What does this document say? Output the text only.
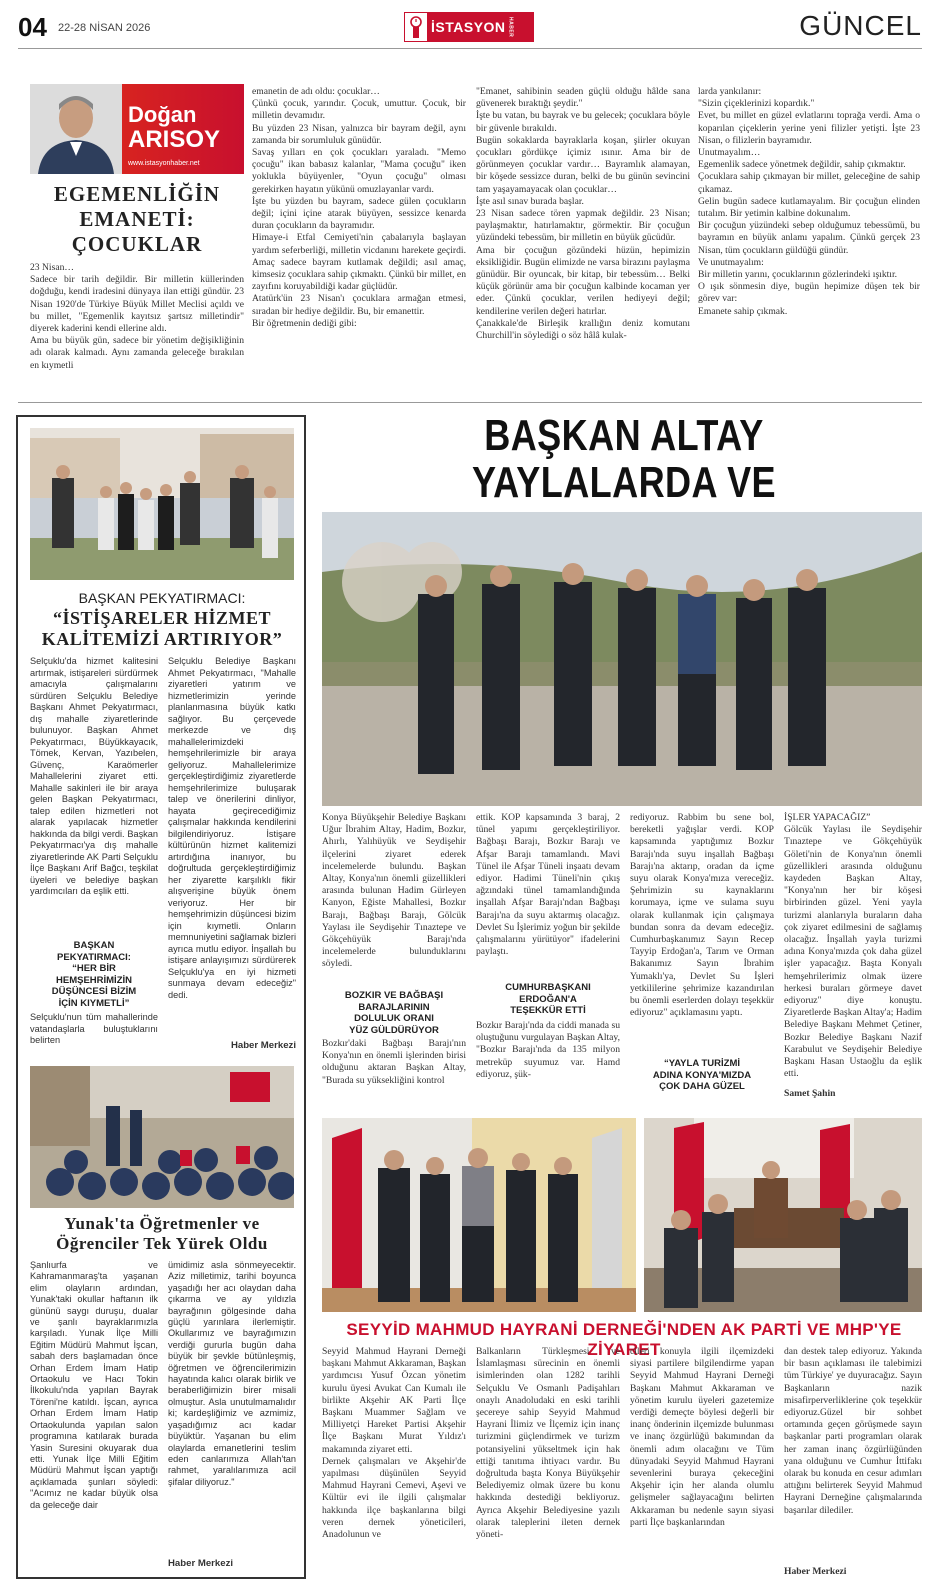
04 22-28 NİSAN 2026	İSTASYON HABER	GÜNCEL
Doğan
ARISOY
www.istasyonhaber.net
EGEMENLİĞİN
EMANETİ:
ÇOCUKLAR
23 Nisan…
Sadece bir tarih değildir. Bir milletin küllerinden doğduğu, kendi iradesini dünyaya ilan ettiği gündür. 23 Nisan 1920'de Türkiye Büyük Millet Meclisi açıldı ve bu millet, "Egemenlik kayıtsız şartsız milletindir" diyerek kaderini kendi ellerine aldı.
Ama bu büyük gün, sadece bir yönetim değişikliğinin adı olarak kalmadı. Aynı zamanda geleceğe bırakılan en kıymetli
emanetin de adı oldu: çocuklar…
Çünkü çocuk, yarındır. Çocuk, umuttur. Çocuk, bir milletin devamıdır.
Bu yüzden 23 Nisan, yalnızca bir bayram değil, aynı zamanda bir sorumluluk günüdür.
Savaş yılları en çok çocukları yaraladı. "Memo çocuğu" ikan babasız kalanlar, "Mama çocuğu" iken yoklukla büyüyenler, "Oyun çocuğu" olması gerekirken hayatın yükünü omuzlayanlar vardı.
İşte bu yüzden bu bayram, sadece gülen çocukların değil; içini içine atarak büyüyen, sessizce kenarda duran çocukların da bayramıdır.
Himaye-i Etfal Cemiyeti'nin çabalarıyla başlayan yardım seferberliği, milletin vicdanını harekete geçirdi. Amaç sadece bayram kutlamak değildi; asıl amaç, kimsesiz çocuklara sahip çıkmaktı. Çünkü bir millet, en zayıfını koruyabildiği kadar güçlüdür.
Atatürk'ün 23 Nisan'ı çocuklara armağan etmesi, sıradan bir hediye değildir. Bu, bir emanettir.
Bir öğretmenin dediği gibi:
"Emanet, sahibinin seaden güçlü olduğu hâlde sana güvenerek bıraktığı şeydir."
İşte bu vatan, bu bayrak ve bu gelecek; çocuklara böyle bir güvenle bırakıldı.
Bugün sokaklarda bayraklarla koşan, şiirler okuyan çocukları gördükçe içimiz ısınır. Ama bir de görünmeyen çocuklar vardır… Bayramlık alamayan, bir köşede sessizce duran, belki de bu günün sevincini tam yaşayamayacak olan çocuklar…
İşte asıl sınav burada başlar.
23 Nisan sadece tören yapmak değildir. 23 Nisan; paylaşmaktır, hatırlamaktır, görmektir. Bir çocuğun yüzündeki tebessüm, bir milletin en büyük gücüdür.
Ama bir çocuğun gözündeki hüzün, hepimizin eksikliğidir. Bugün elimizde ne varsa birazını paylaşma günüdür. Bir oyuncak, bir kitap, bir tebessüm… Belki küçük görünür ama bir çocuğun kalbinde kocaman yer eder. Çünkü çocuklar, verilen hediyeyi değil; kendilerine verilen değeri hatırlar.
Çanakkale'de Birleşik krallığın deniz komutanı Churchill'in söylediği o söz hâlâ kulak-
larda yankılanır:
"Sizin çiçeklerinizi kopardık."
Evet, bu millet en güzel evlatlarını toprağa verdi. Ama o koparılan çiçeklerin yerine yeni filizler yetişti. İşte 23 Nisan, o filizlerin bayramıdır.
Unutmayalım…
Egemenlik sadece yönetmek değildir, sahip çıkmaktır.
Çocuklara sahip çıkmayan bir millet, geleceğine de sahip çıkamaz.
Gelin bugün sadece kutlamayalım. Bir çocuğun elinden tutalım. Bir yetimin kalbine dokunalım.
Bir çocuğun yüzündeki sebep olduğumuz tebessümü, bu bayramın en büyük anlamı yapalım. Çünkü gerçek 23 Nisan, tüm çocukların güldüğü gündür.
Ve unutmayalım:
Bir milletin yarını, çocuklarının gözlerindeki ışıktır.
O ışık sönmesin diye, bugün hepimize düşen tek bir görev var:
Emanete sahip çıkmak.
BAŞKAN PEKYATIRMACI:
“İSTİŞARELER HİZMET
KALİTEMİZİ ARTIRIYOR”
Selçuklu'da hizmet kalitesini artırmak, istişareleri sürdürmek amacıyla çalışmalarını sürdüren Selçuklu Belediye Başkanı Ahmet Pekyatırmacı, dış mahalle ziyaretlerinde bulunuyor. Başkan Ahmet Pekyatırmacı, Büyükkayacık, Tömek, Kervan, Yazıbelen, Güvenç, Karaömerler Mahallelerini ziyaret etti. Mahalle sakinleri ile bir araya gelen Başkan Pekyatırmacı, talep edilen hizmetleri not alarak yapılacak hizmetler hakkında da bilgi verdi. Başkan Pekyatırmacı'ya dış mahalle ziyaretlerinde AK Parti Selçuklu İlçe Başkanı Arif Bağcı, teşkilat üyeleri ve belediye başkan yardımcıları da eşlik etti.
BAŞKAN
PEKYATIRMACI:
“HER BİR
HEMŞEHRİMİZİN
DÜŞÜNCESİ BİZİM
İÇİN KIYMETLİ”
Selçuklu'nun tüm mahallerinde vatandaşlarla buluştuklarını belirten
Selçuklu Belediye Başkanı Ahmet Pekyatırmacı, "Mahalle ziyaretleri yatırım ve hizmetlerimizin yerinde planlanmasına büyük katkı sağlıyor. Bu çerçevede merkezde ve dış mahallelerimizdeki hemşehrilerimizle bir araya geliyoruz. Mahallelerimize gerçekleştirdiğimiz ziyaretlerde hemşehrilerimize buluşarak talep ve önerilerini dinliyor, hayata geçirecediğimiz çalışmalar hakkında kendilerini bilgilendiriyoruz. İstişare kültürünün hizmet kalitemizi artırdığına inanıyor, bu doğrultuda gerçekleştirdiğimiz her ziyarette karşılıklı fikir alışverişine büyük önem veriyoruz. Her bir hemşehrimizin düşüncesi bizim için kıymetli. Onların memnuniyetini sağlamak bizleri ayrıca mutlu ediyor. İnşallah bu istişare anlayışımızı sürdürerek Selçuklu'ya en iyi hizmeti sunmaya devam edeceğiz" dedi.
Haber Merkezi
Yunak'ta Öğretmenler ve
Öğrenciler Tek Yürek Oldu
Şanlıurfa ve Kahramanmaraş'ta yaşanan elim olayların ardından, Yunak'taki okullar haftanın ilk gününü saygı duruşu, dualar ve şanlı bayraklarımızla karşıladı. Yunak İlçe Milli Eğitim Müdürü Mahmut İşcan, sabah ders başlamadan önce Orhan Erdem İmam Hatip Ortaokulu ve Hacı Tokin İlkokulu'nda yapılan Bayrak Töreni'ne katıldı. İşcan, ayrıca Orhan Erdem İmam Hatip Ortaokulunda yapılan salon programına katılarak burada Yasin Suresini okuyarak dua etti. Yunak İlçe Milli Eğitim Müdürü Mahmut İşcan yaptığı açıklamada şunları söyledi: "Acımız ne kadar büyük olsa da geleceğe dair
ümidimiz asla sönmeyecektir. Aziz milletimiz, tarihi boyunca yaşadığı her acı olaydan daha çıkarma ve ay yıldızla bayrağının gölgesinde daha güçlü yarınlara ilerlemiştir. Okullarımız ve bayrağımızın verdiği gururla bugün daha büyük bir şevkle bütünleşmiş, öğretmen ve öğrencilerimizin hayatında kalıcı olarak birlik ve beraberliğimizin birer misali olmuştur. Asla unutulmamalıdır ki; kardeşliğimiz ve azmimiz, yaşadığımız acı kadar büyüktür. Yaşanan bu elim olaylarda emanetlerini teslim eden canlarımıza Allah'tan rahmet, yaralılarımıza acil şifalar diliyoruz."
Haber Merkezi
BAŞKAN ALTAY YAYLALARDA VE
Konya Büyükşehir Belediye Başkanı Uğur İbrahim Altay, Hadim, Bozkır, Ahırlı, Yalıhüyük ve Seydişehir ilçelerini ziyaret ederek incelemelerde bulundu. Başkan Altay, Konya'nın önemli güzellikleri arasında bulunan Hadim Gürleyen Kanyon, Eğiste Mahallesi, Bozkır Barajı, Bağbaşı Barajı, Gölcük Yaylası ile Seydişehir Tınaztepe ve Gökçehüyük Barajı'nda incelemelerde bulunduklarını söyledi.
BOZKIR VE BAĞBAŞI
BARAJLARININ
DOLULUK ORANI
YÜZ GÜLDÜRÜYOR
Bozkır'daki Bağbaşı Barajı'nın Konya'nın en önemli işlerinden birisi olduğunu aktaran Başkan Altay, "Burada su yüksekliğini kontrol
ettik. KOP kapsamında 3 baraj, 2 tünel yapımı gerçekleştiriliyor. Bağbaşı Barajı, Bozkır Barajı ve Afşar Barajı tamamlandı. Mavi Tünel ile Afşar Tüneli inşaatı devam ediyor. Hadimi Tüneli'nin çıkış ağzındaki tünel tamamlandığında inşallah Afşar Barajı'ndan Bağbaşı Barajı'na da suyu aktarmış olacağız. Devlet Su İşlerimiz yoğun bir şekilde çalışmalarını yürütüyor" ifadelerini paylaştı.
CUMHURBAŞKANI
ERDOĞAN'A
TEŞEKKÜR ETTİ
Bozkır Barajı'nda da ciddi manada su oluştuğunu vurgulayan Başkan Altay, "Bozkır Barajı'nda da 135 milyon metreküp suyumuz var. Hamd ediyoruz, şük-
rediyoruz. Rabbim bu sene bol, bereketli yağışlar verdi. KOP kapsamında yaptığımız Bozkır Barajı'nda suyu inşallah Bağbaşı Barajı'na aktarıp, oradan da içme suyu olarak Konya'mıza vereceğiz. Şehrimizin su kaynaklarını korumaya, içme ve sulama suyu olarak kullanmak için çalışmaya bundan sonra da devam edeceğiz. Cumhurbaşkanımız Sayın Recep Tayyip Erdoğan'a, Tarım ve Orman Bakanımız Sayın İbrahim Yumaklı'ya, Devlet Su İşleri yetkililerine şehrimize kazandırılan bu önemli eserlerden dolayı teşekkür ediyoruz" açıklamasını yaptı.
“YAYLA TURİZMİ
ADINA KONYA'MIZDA
ÇOK DAHA GÜZEL
İŞLER YAPACAĞIZ”
Gölcük Yaylası ile Seydişehir Tınaztepe ve Gökçehüyük Göleti'nin de Konya'nın önemli güzellikleri arasında olduğunu kaydeden Başkan Altay, "Konya'nın her bir köşesi birbirinden güzel. Yeni yayla turizmi alanlarıyla buraların daha çok ziyaret edilmesini de sağlamış olacağız. İnşallah yayla turizmi adına Konya'mızda çok daha güzel işler yapacağız. Başta Konyalı hemşehrilerimiz olmak üzere herkesi buraları görmeye davet ediyoruz" diye konuştu. Ziyaretlerde Başkan Altay'a; Hadim Belediye Başkanı Mehmet Çetiner, Bozkır Belediye Başkanı Nazif Karabulut ve Seydişehir Belediye Başkanı Hasan Ustaoğlu da eşlik etti.
Samet Şahin
SEYYİD MAHMUD HAYRANİ DERNEĞİ'NDEN AK PARTİ VE MHP'YE ZİYARET
Seyyid Mahmud Hayrani Derneği başkanı Mahmut Akkaraman, Başkan yardımcısı Yusuf Özcan yönetim kurulu üyesi Avukat Can Kumalı ile birlikte Akşehir AK Parti İlçe Başkanı Muammer Sağlam ve Milliyetçi Hareket Partisi Akşehir İlçe Başkanı Murat Yıldız'ı makamında ziyaret etti.
Dernek çalışmaları ve Akşehir'de yapılması düşünülen Seyyid Mahmud Hayrani Cemevi, Aşevi ve Kültür evi ile ilgili çalışmalar hakkında ilçe başkanlarına bilgi veren dernek yöneticileri, Anadolunun ve
Balkanların Türkleşmesi ve İslamlaşması sürecinin en önemli isimlerinden olan 1282 tarihli Selçuklu Ve Osmanlı Padişahları onaylı Anadoludaki en eski tarihli şecereye sahip Seyyid Mahmud Hayrani İlimiz ve İlçemiz için inanç turizmini güçlendirmek ve turizm potansiyelini yükseltmek için hak ettiği tanıtıma ihtiyacı vardır. Bu doğrultuda başta Konya Büyükşehir Belediyemiz olmak üzere bu konu hakkında destediği bekliyoruz. Ayrıca Akşehir Belediyesine yazılı olarak taleplerini ileten dernek yöneti-
cileri konuyla ilgili ilçemizdeki siyasi partilere bilgilendirme yapan Seyyid Mahmud Hayrani Derneği Başkanı Mahmut Akkaraman ve yönetim kurulu üyeleri gazetemize verdiği demeçte böylesi değerli bir inanç önderinin ilçemizde bulunması ve inanç özgürlüğü bakımından da önemli adım olacağını ve Tüm dünyadaki Seyyid Mahmud Hayrani sevenlerini buraya çekeceğini Akşehir için her alanda olumlu gelişmeler sağlayacağını belirten Akkaraman bu nedenle sayın siyasi parti İlçe başkanlarından
dan destek talep ediyoruz. Yakında bir basın açıklaması ile talebimizi tüm Türkiye' ye duyuracağız. Sayın Başkanların nazik misafirperverliklerine çok teşekkür ediyoruz.Güzel bir sohbet ortamında geçen görüşmede sayın başkanlar parti programları olarak her zaman inanç özgürlüğünden yana olduğunu ve Cumhur İttifakı olarak bu konuda en cesur adımları attığını belirterek Seyyid Mahmud Hayrani Derneğine çalışmalarında başarılar dilediler.
Haber Merkezi
